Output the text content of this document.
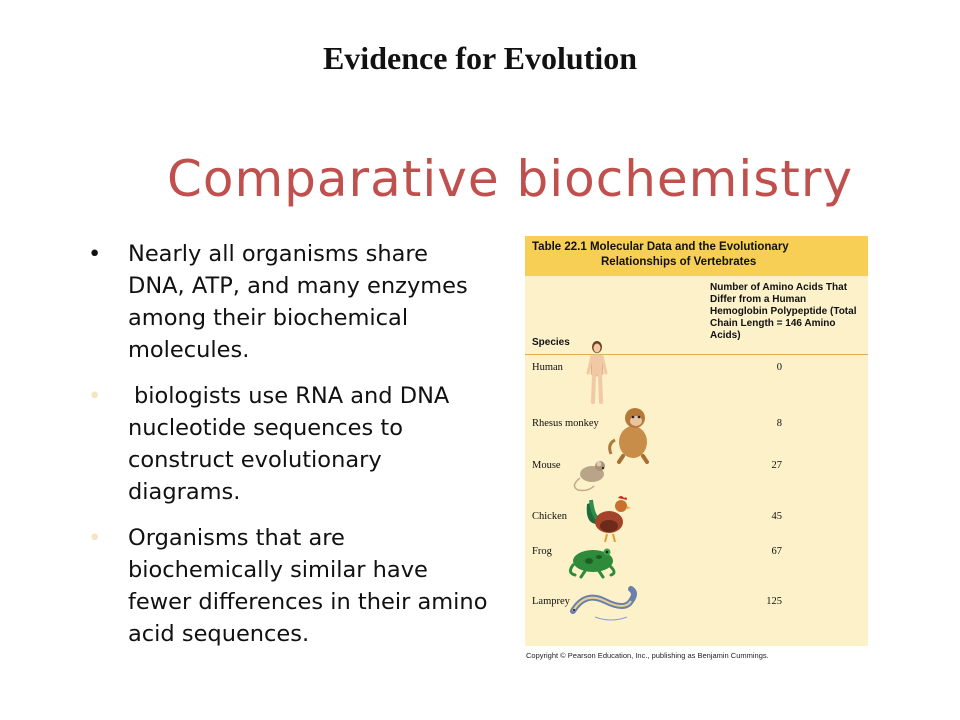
Evidence for Evolution
Comparative biochemistry
• Nearly all organisms share DNA, ATP, and many enzymes among their biochemical molecules.
• biologists use RNA and DNA nucleotide sequences to construct evolutionary diagrams.
• Organisms that are biochemically similar have fewer differences in their amino acid sequences.
Table 22.1 Molecular Data and the Evolutionary
Relationships of Vertebrates
Number of Amino Acids That Differ from a Human Hemoglobin Polypeptide (Total Chain Length = 146 Amino Acids)
Species
Human	0
Rhesus monkey	8
Mouse	27
Chicken	45
Frog	67
Lamprey	125
Copyright © Pearson Education, Inc., publishing as Benjamin Cummings.
